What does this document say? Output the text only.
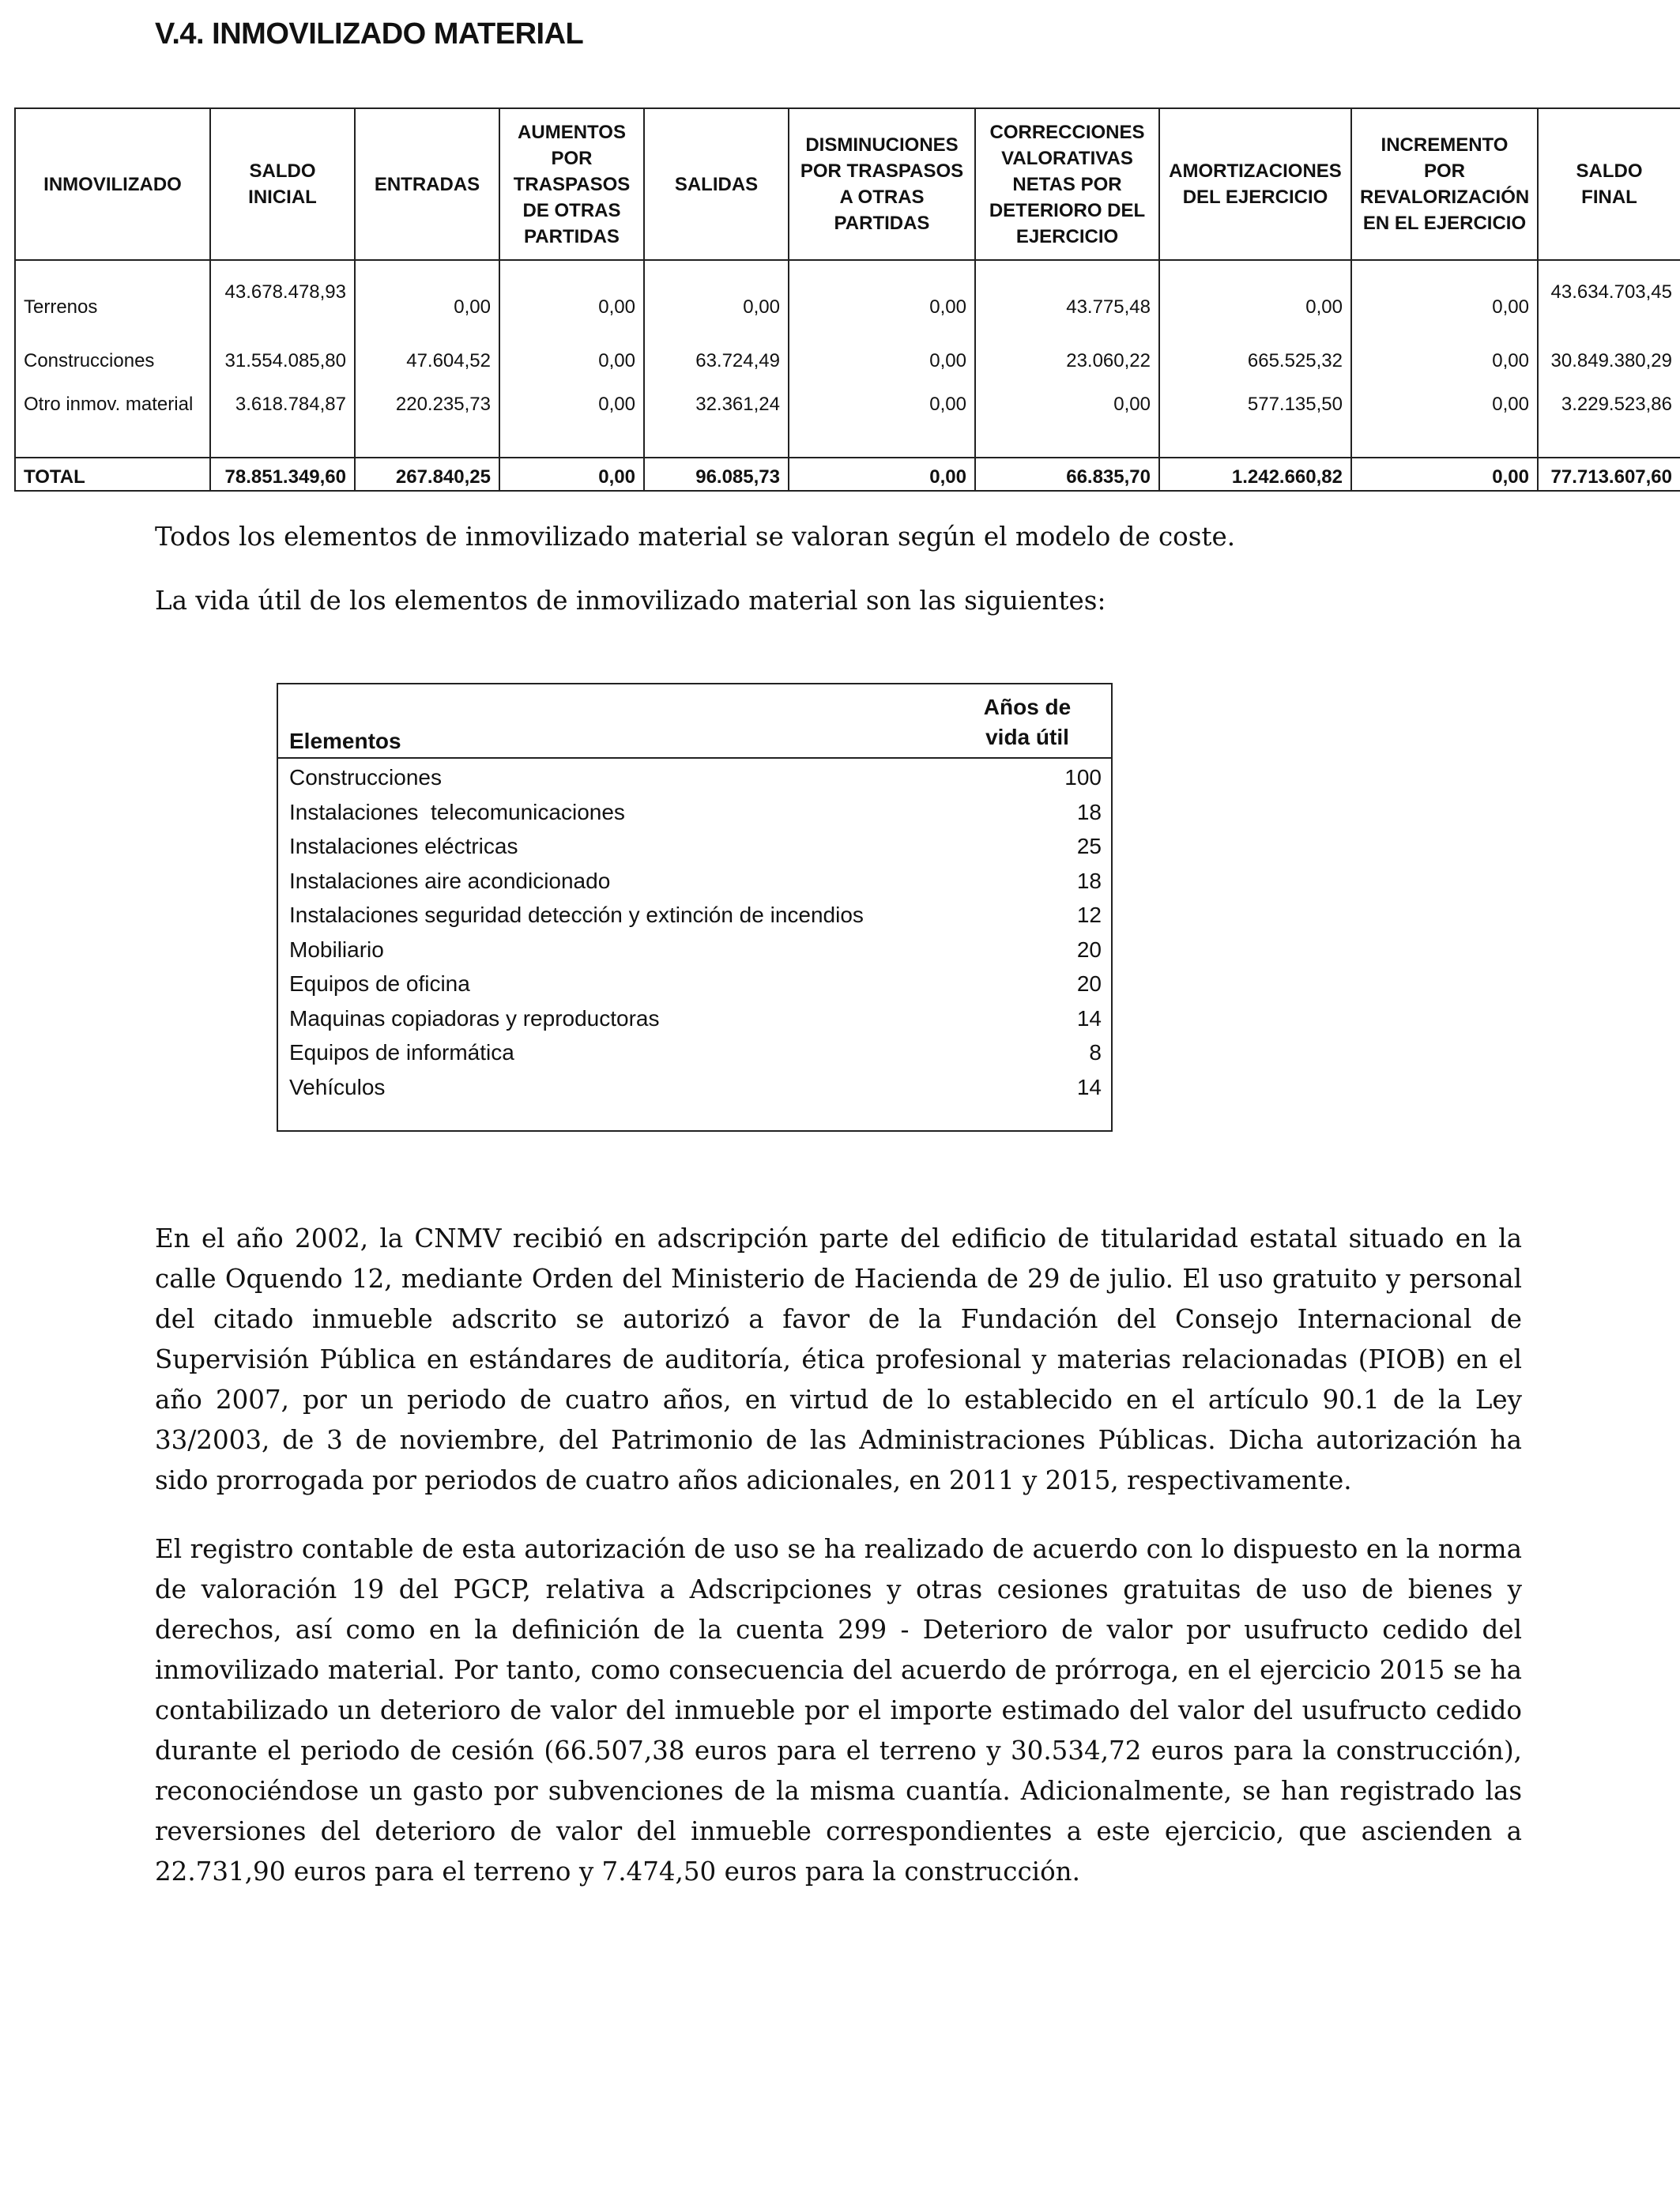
V.4. INMOVILIZADO MATERIAL
INMOVILIZADO	SALDO INICIAL	ENTRADAS	AUMENTOS POR TRASPASOS DE OTRAS PARTIDAS	SALIDAS	DISMINUCIONES POR TRASPASOS A OTRAS PARTIDAS	CORRECCIONES VALORATIVAS NETAS POR DETERIORO DEL EJERCICIO	AMORTIZACIONES DEL EJERCICIO	INCREMENTO POR REVALORIZACIÓN EN EL EJERCICIO	SALDO FINAL
Terrenos	43.678.478,93	0,00	0,00	0,00	0,00	43.775,48	0,00	0,00	43.634.703,45
Construcciones	31.554.085,80	47.604,52	0,00	63.724,49	0,00	23.060,22	665.525,32	0,00	30.849.380,29
Otro inmov. material	3.618.784,87	220.235,73	0,00	32.361,24	0,00	0,00	577.135,50	0,00	3.229.523,86

TOTAL	78.851.349,60	267.840,25	0,00	96.085,73	0,00	66.835,70	1.242.660,82	0,00	77.713.607,60

Todos los elementos de inmovilizado material se valoran según el modelo de coste.

La vida útil de los elementos de inmovilizado material son las siguientes:

Elementos
Años de vida útil
Construcciones	100
Instalaciones  telecomunicaciones	18
Instalaciones eléctricas	25
Instalaciones aire acondicionado	18
Instalaciones seguridad detección y extinción de incendios	12
Mobiliario	20
Equipos de oficina	20
Maquinas copiadoras y reproductoras	14
Equipos de informática	8
Vehículos	14

En el año 2002, la CNMV recibió en adscripción parte del edificio de titularidad estatal situado en la calle Oquendo 12, mediante Orden del Ministerio de Hacienda de 29 de julio. El uso gratuito y personal del citado inmueble adscrito se autorizó a favor de la Fundación del Consejo Internacional de Supervisión Pública en estándares de auditoría, ética profesional y materias relacionadas (PIOB) en el año 2007, por un periodo de cuatro años, en virtud de lo establecido en el artículo 90.1 de la Ley 33/2003, de 3 de noviembre, del Patrimonio de las Administraciones Públicas. Dicha autorización ha sido prorrogada por periodos de cuatro años adicionales, en 2011 y 2015, respectivamente.

El registro contable de esta autorización de uso se ha realizado de acuerdo con lo dispuesto en la norma de valoración 19 del PGCP, relativa a Adscripciones y otras cesiones gratuitas de uso de bienes y derechos, así como en la definición de la cuenta 299 - Deterioro de valor por usufructo cedido del inmovilizado material. Por tanto, como consecuencia del acuerdo de prórroga, en el ejercicio 2015 se ha contabilizado un deterioro de valor del inmueble por el importe estimado del valor del usufructo cedido durante el periodo de cesión (66.507,38 euros para el terreno y 30.534,72 euros para la construcción), reconociéndose un gasto por subvenciones de la misma cuantía. Adicionalmente, se han registrado las reversiones del deterioro de valor del inmueble correspondientes a este ejercicio, que ascienden a 22.731,90 euros para el terreno y 7.474,50 euros para la construcción.
